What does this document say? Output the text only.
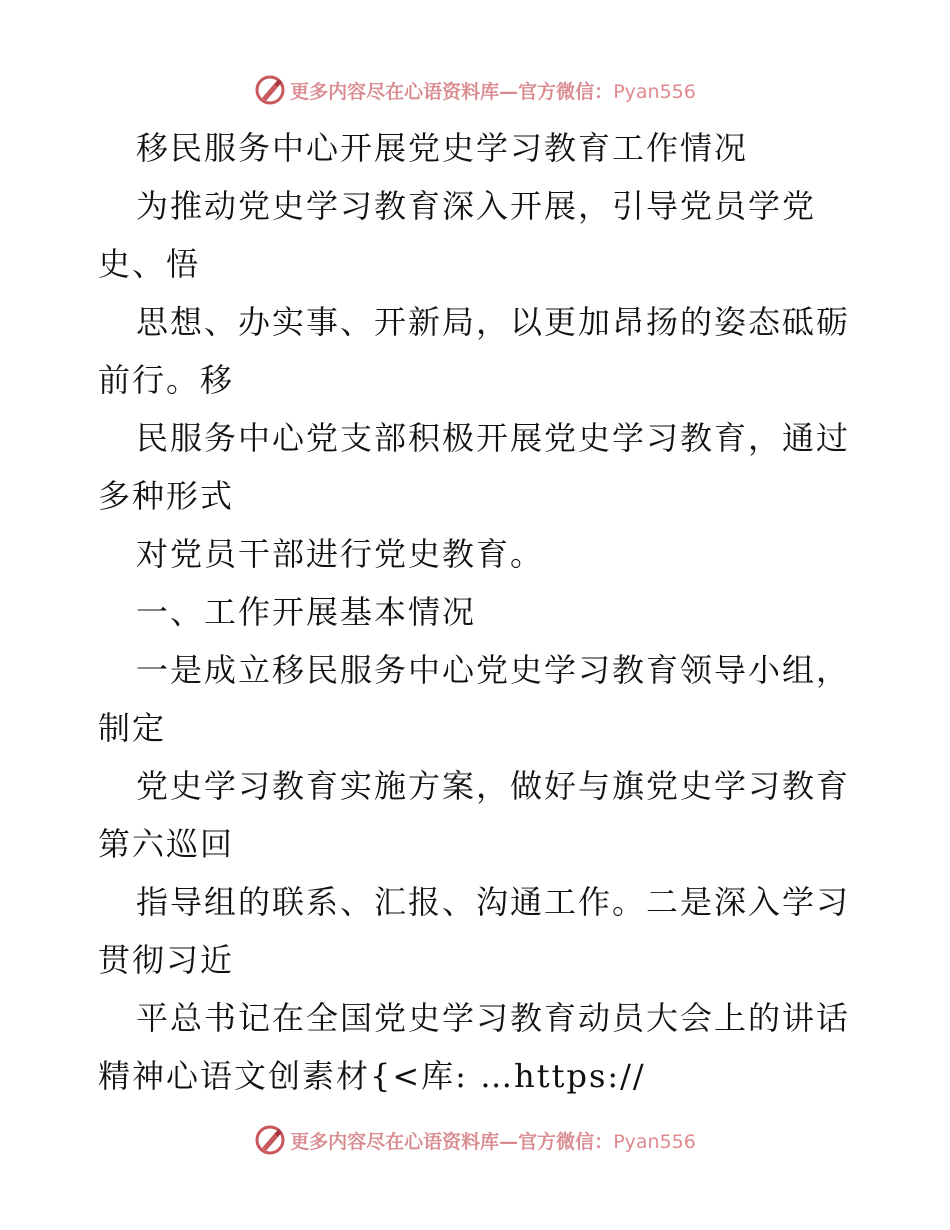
更多内容尽在心语资料库—官方微信：Pyan556
移民服务中心开展党史学习教育工作情况
为推动党史学习教育深入开展，引导党员学党
史、悟
思想、办实事、开新局，以更加昂扬的姿态砥砺
前行。移
民服务中心党支部积极开展党史学习教育，通过
多种形式
对党员干部进行党史教育。
一、工作开展基本情况
一是成立移民服务中心党史学习教育领导小组，
制定
党史学习教育实施方案，做好与旗党史学习教育
第六巡回
指导组的联系、汇报、沟通工作。二是深入学习
贯彻习近
平总书记在全国党史学习教育动员大会上的讲话
精神心语文创素材{<库: …https://
更多内容尽在心语资料库—官方微信：Pyan556
